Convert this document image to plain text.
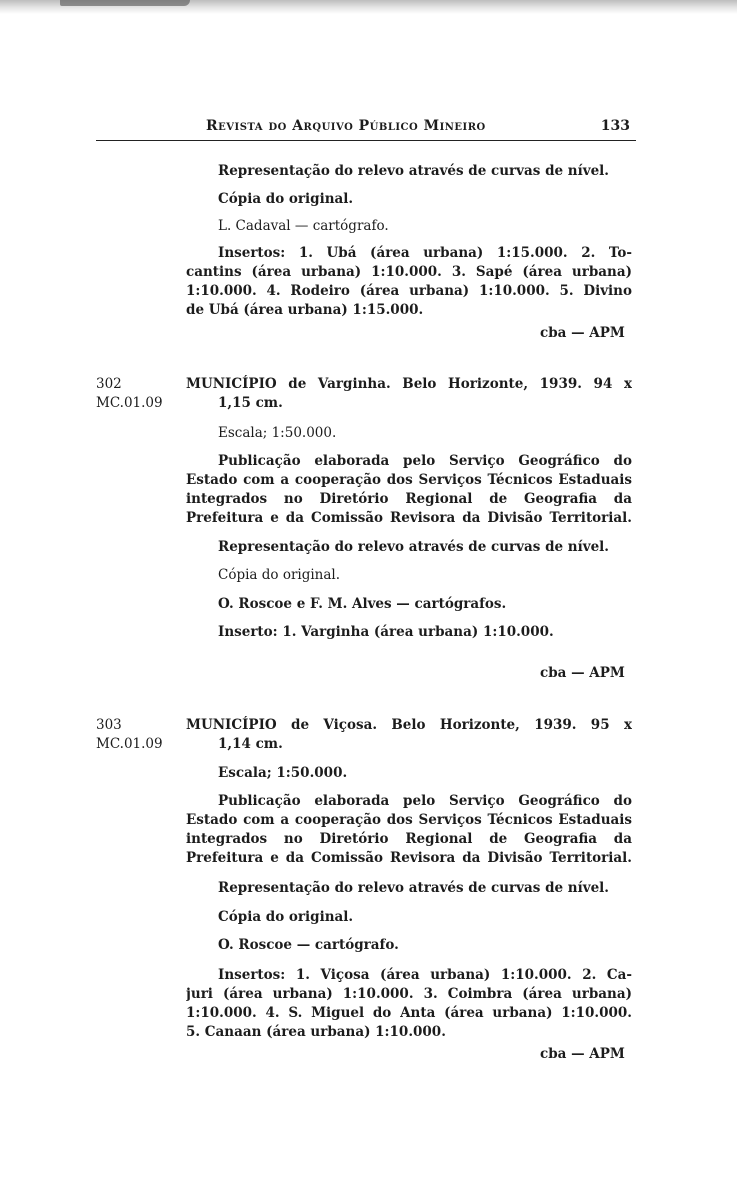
Revista do Arquivo Público Mineiro	133
Representação do relevo através de curvas de nível.
Cópia do original.
L. Cadaval — cartógrafo.
Insertos: 1. Ubá (área urbana) 1:15.000. 2. To-
cantins (área urbana) 1:10.000. 3. Sapé (área urbana)
1:10.000. 4. Rodeiro (área urbana) 1:10.000. 5. Divino
de Ubá (área urbana) 1:15.000.
cba — APM
302
MC.01.09
MUNICÍPIO de Varginha. Belo Horizonte, 1939. 94 x
1,15 cm.
Escala; 1:50.000.
Publicação elaborada pelo Serviço Geográfico do
Estado com a cooperação dos Serviços Técnicos Estaduais
integrados no Diretório Regional de Geografia da
Prefeitura e da Comissão Revisora da Divisão Territorial.
Representação do relevo através de curvas de nível.
Cópia do original.
O. Roscoe e F. M. Alves — cartógrafos.
Inserto: 1. Varginha (área urbana) 1:10.000.
cba — APM
303
MC.01.09
MUNICÍPIO de Viçosa. Belo Horizonte, 1939. 95 x
1,14 cm.
Escala; 1:50.000.
Publicação elaborada pelo Serviço Geográfico do
Estado com a cooperação dos Serviços Técnicos Estaduais
integrados no Diretório Regional de Geografia da
Prefeitura e da Comissão Revisora da Divisão Territorial.
Representação do relevo através de curvas de nível.
Cópia do original.
O. Roscoe — cartógrafo.
Insertos: 1. Viçosa (área urbana) 1:10.000. 2. Ca-
juri (área urbana) 1:10.000. 3. Coimbra (área urbana)
1:10.000. 4. S. Miguel do Anta (área urbana) 1:10.000.
5. Canaan (área urbana) 1:10.000.
cba — APM
